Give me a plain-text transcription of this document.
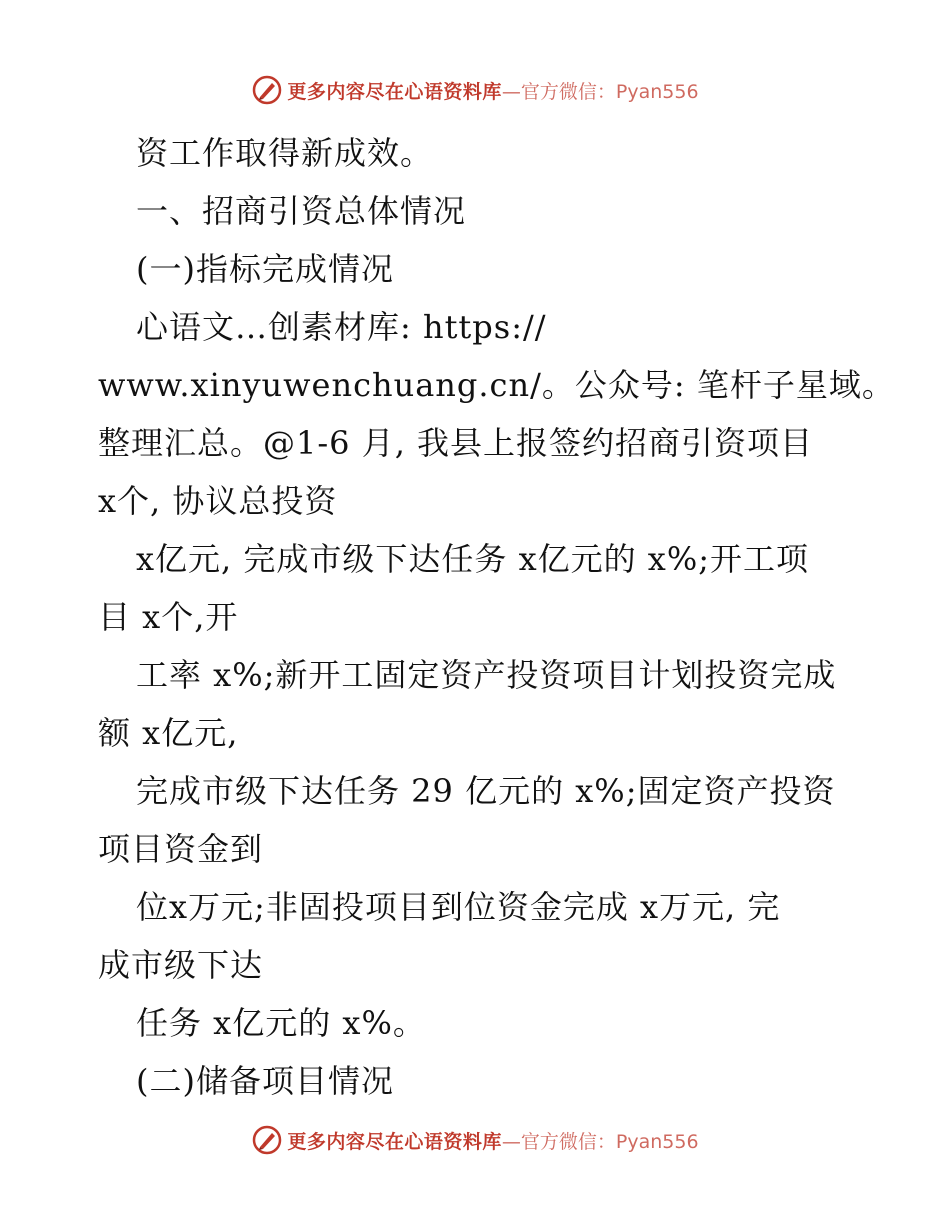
更多内容尽在心语资料库 —官方微信：Pyan556
资工作取得新成效。
一、招商引资总体情况
(一)指标完成情况
心语文…创素材库: https://
www.xinyuwenchuang.cn/。公众号: 笔杆子星域。
整理汇总。@1-6 月, 我县上报签约招商引资项目
x个, 协议总投资
x亿元, 完成市级下达任务 x亿元的 x%;开工项
目 x个,开
工率 x%;新开工固定资产投资项目计划投资完成
额 x亿元,
完成市级下达任务 29 亿元的 x%;固定资产投资
项目资金到
位x万元;非固投项目到位资金完成 x万元, 完
成市级下达
任务 x亿元的 x%。
(二)储备项目情况
更多内容尽在心语资料库 —官方微信：Pyan556
